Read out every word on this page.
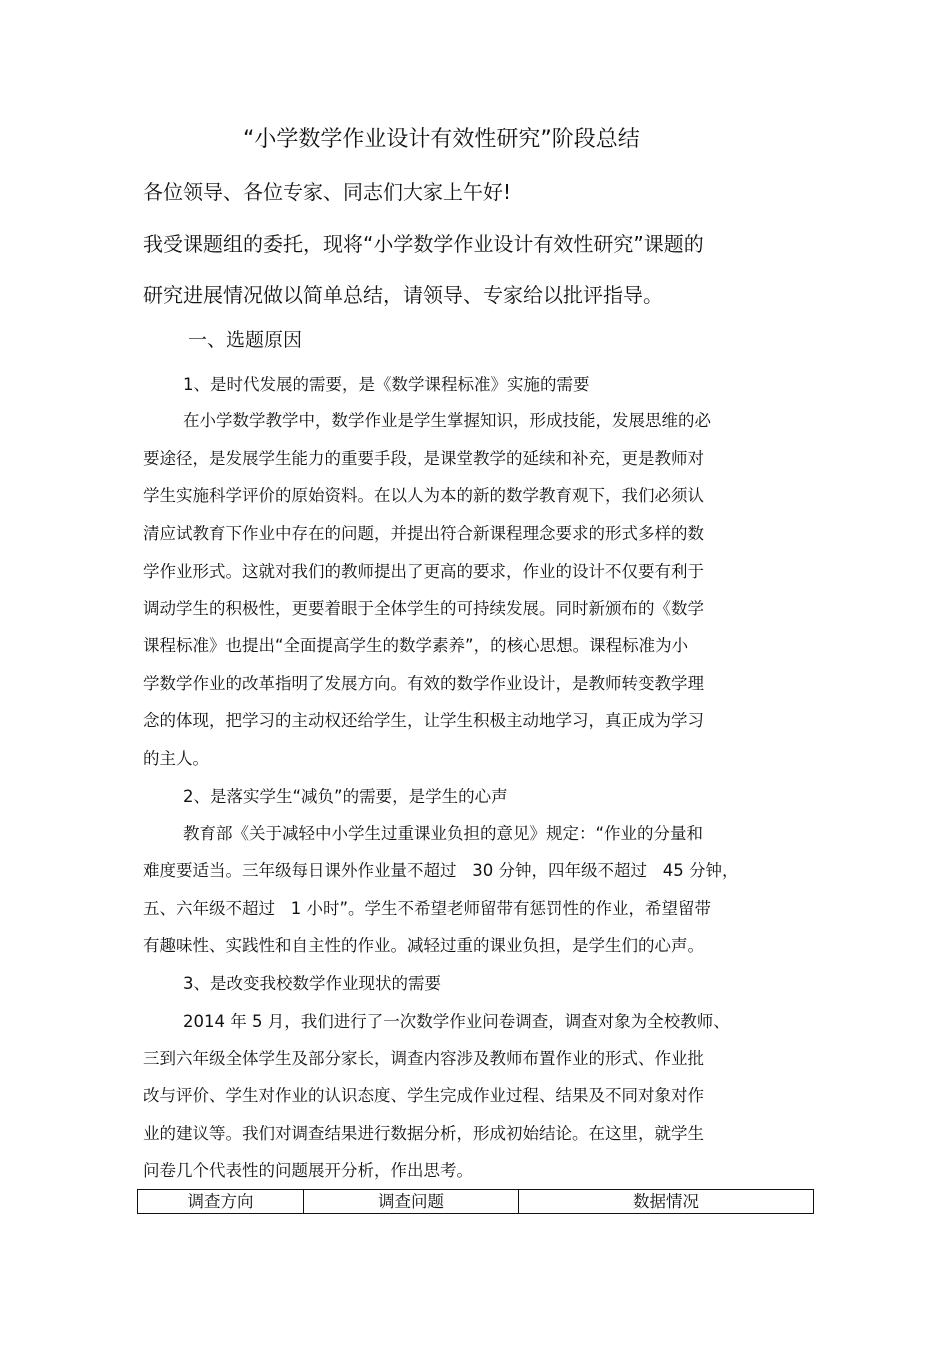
“小学数学作业设计有效性研究”阶段总结
各位领导、各位专家、同志们大家上午好!
我受课题组的委托，现将“小学数学作业设计有效性研究”课题的
研究进展情况做以简单总结，请领导、专家给以批评指导。
一、选题原因
1、是时代发展的需要，是《数学课程标准》实施的需要
在小学数学教学中，数学作业是学生掌握知识，形成技能，发展思维的必
要途径，是发展学生能力的重要手段，是课堂教学的延续和补充，更是教师对
学生实施科学评价的原始资料。在以人为本的新的数学教育观下，我们必须认
清应试教育下作业中存在的问题，并提出符合新课程理念要求的形式多样的数
学作业形式。这就对我们的教师提出了更高的要求，作业的设计不仅要有利于
调动学生的积极性，更要着眼于全体学生的可持续发展。同时新颁布的《数学
课程标准》也提出“全面提高学生的数学素养”，的核心思想。课程标准为小
学数学作业的改革指明了发展方向。有效的数学作业设计，是教师转变教学理
念的体现，把学习的主动权还给学生，让学生积极主动地学习，真正成为学习
的主人。
2、是落实学生“减负”的需要，是学生的心声
教育部《关于减轻中小学生过重课业负担的意见》规定：“作业的分量和
难度要适当。三年级每日课外作业量不超过   30 分钟，四年级不超过   45 分钟，
五、六年级不超过   1 小时”。学生不希望老师留带有惩罚性的作业，希望留带
有趣味性、实践性和自主性的作业。减轻过重的课业负担，是学生们的心声。
3、是改变我校数学作业现状的需要
2014 年 5 月，我们进行了一次数学作业问卷调查，调查对象为全校教师、
三到六年级全体学生及部分家长，调查内容涉及教师布置作业的形式、作业批
改与评价、学生对作业的认识态度、学生完成作业过程、结果及不同对象对作
业的建议等。我们对调查结果进行数据分析，形成初始结论。在这里，就学生
问卷几个代表性的问题展开分析，作出思考。
调查方向	调查问题	数据情况
